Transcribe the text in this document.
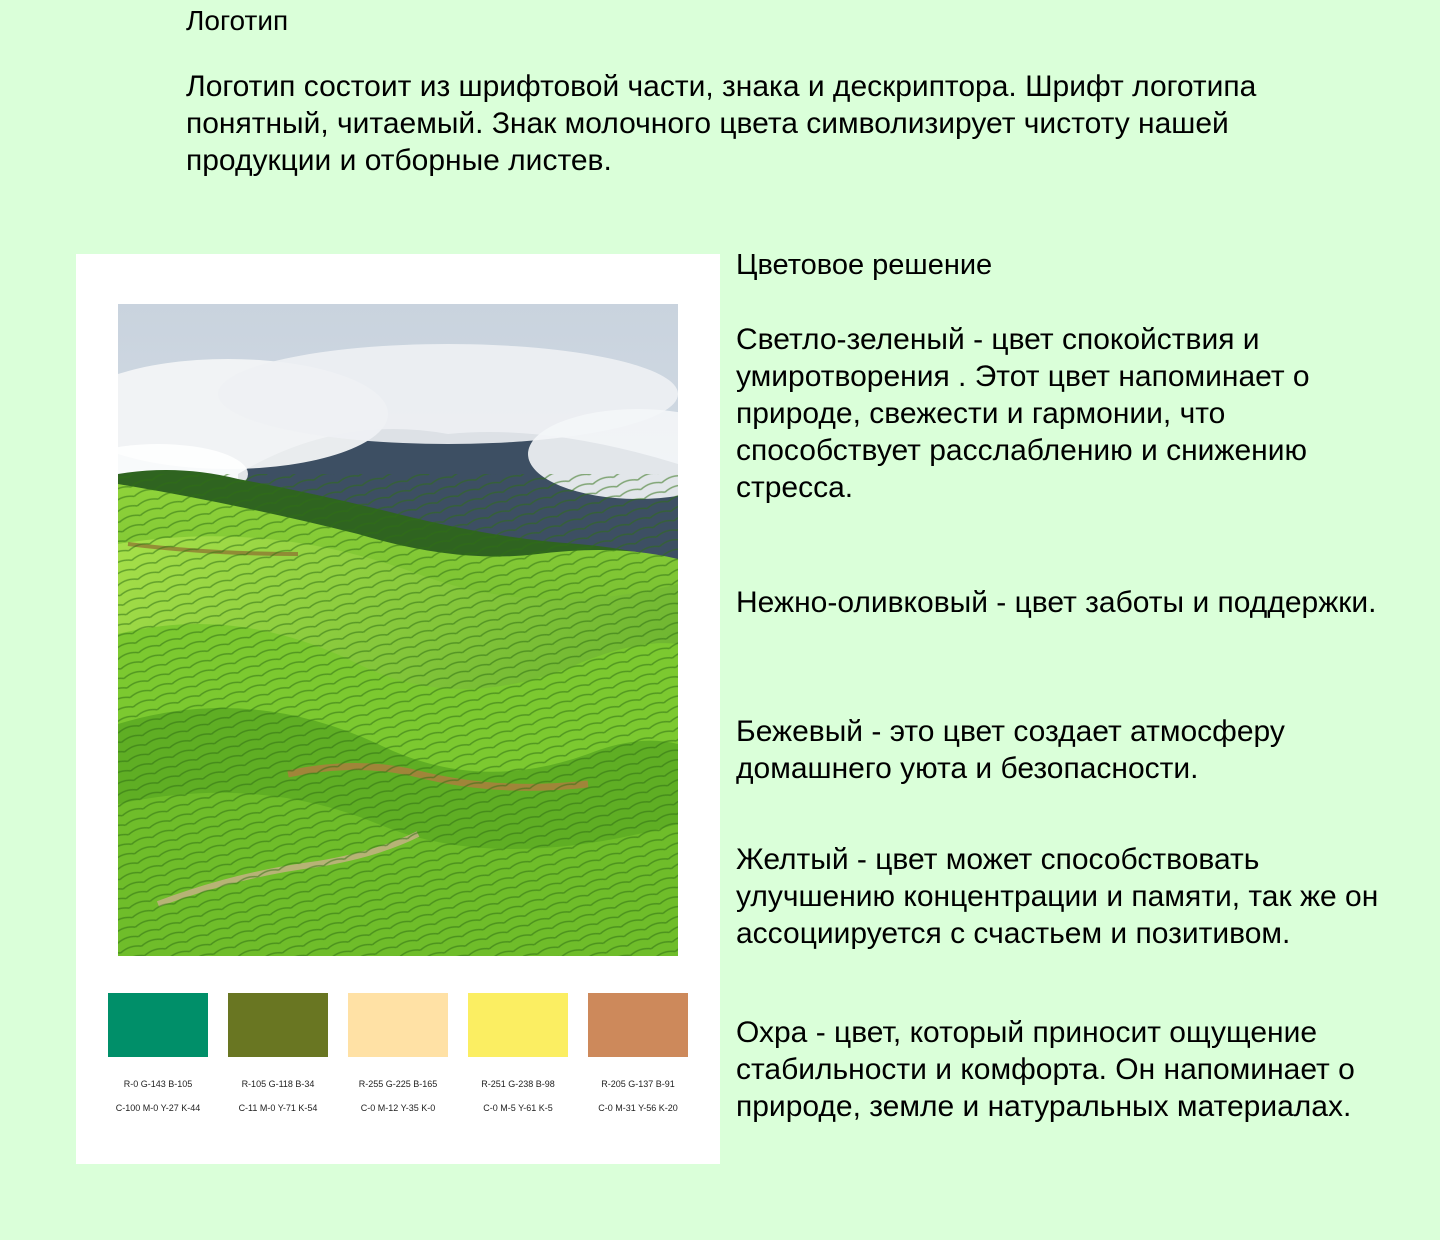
Логотип
Логотип состоит из шрифтовой части, знака и дескриптора. Шрифт логотипа понятный, читаемый. Знак молочного цвета символизирует чистоту нашей продукции и отборные листев.
R-0 G-143 B-105	R-105 G-118 B-34	R-255 G-225 B-165	R-251 G-238 B-98	R-205 G-137 B-91
C-100 M-0 Y-27 K-44	C-11 M-0 Y-71 K-54	C-0 M-12 Y-35 K-0	C-0 M-5 Y-61 K-5	C-0 M-31 Y-56 K-20
Цветовое решение
Светло-зеленый - цвет спокойствия и умиротворения . Этот цвет напоминает о природе, свежести и гармонии, что способствует расслаблению и снижению стресса.
Нежно-оливковый - цвет заботы и поддержки.
Бежевый - это цвет создает атмосферу домашнего уюта и безопасности.
Желтый - цвет может способствовать улучшению концентрации и памяти, так же он ассоциируется с счастьем и позитивом.
Охра - цвет, который приносит ощущение стабильности и комфорта. Он напоминает о природе, земле и натуральных материалах.
